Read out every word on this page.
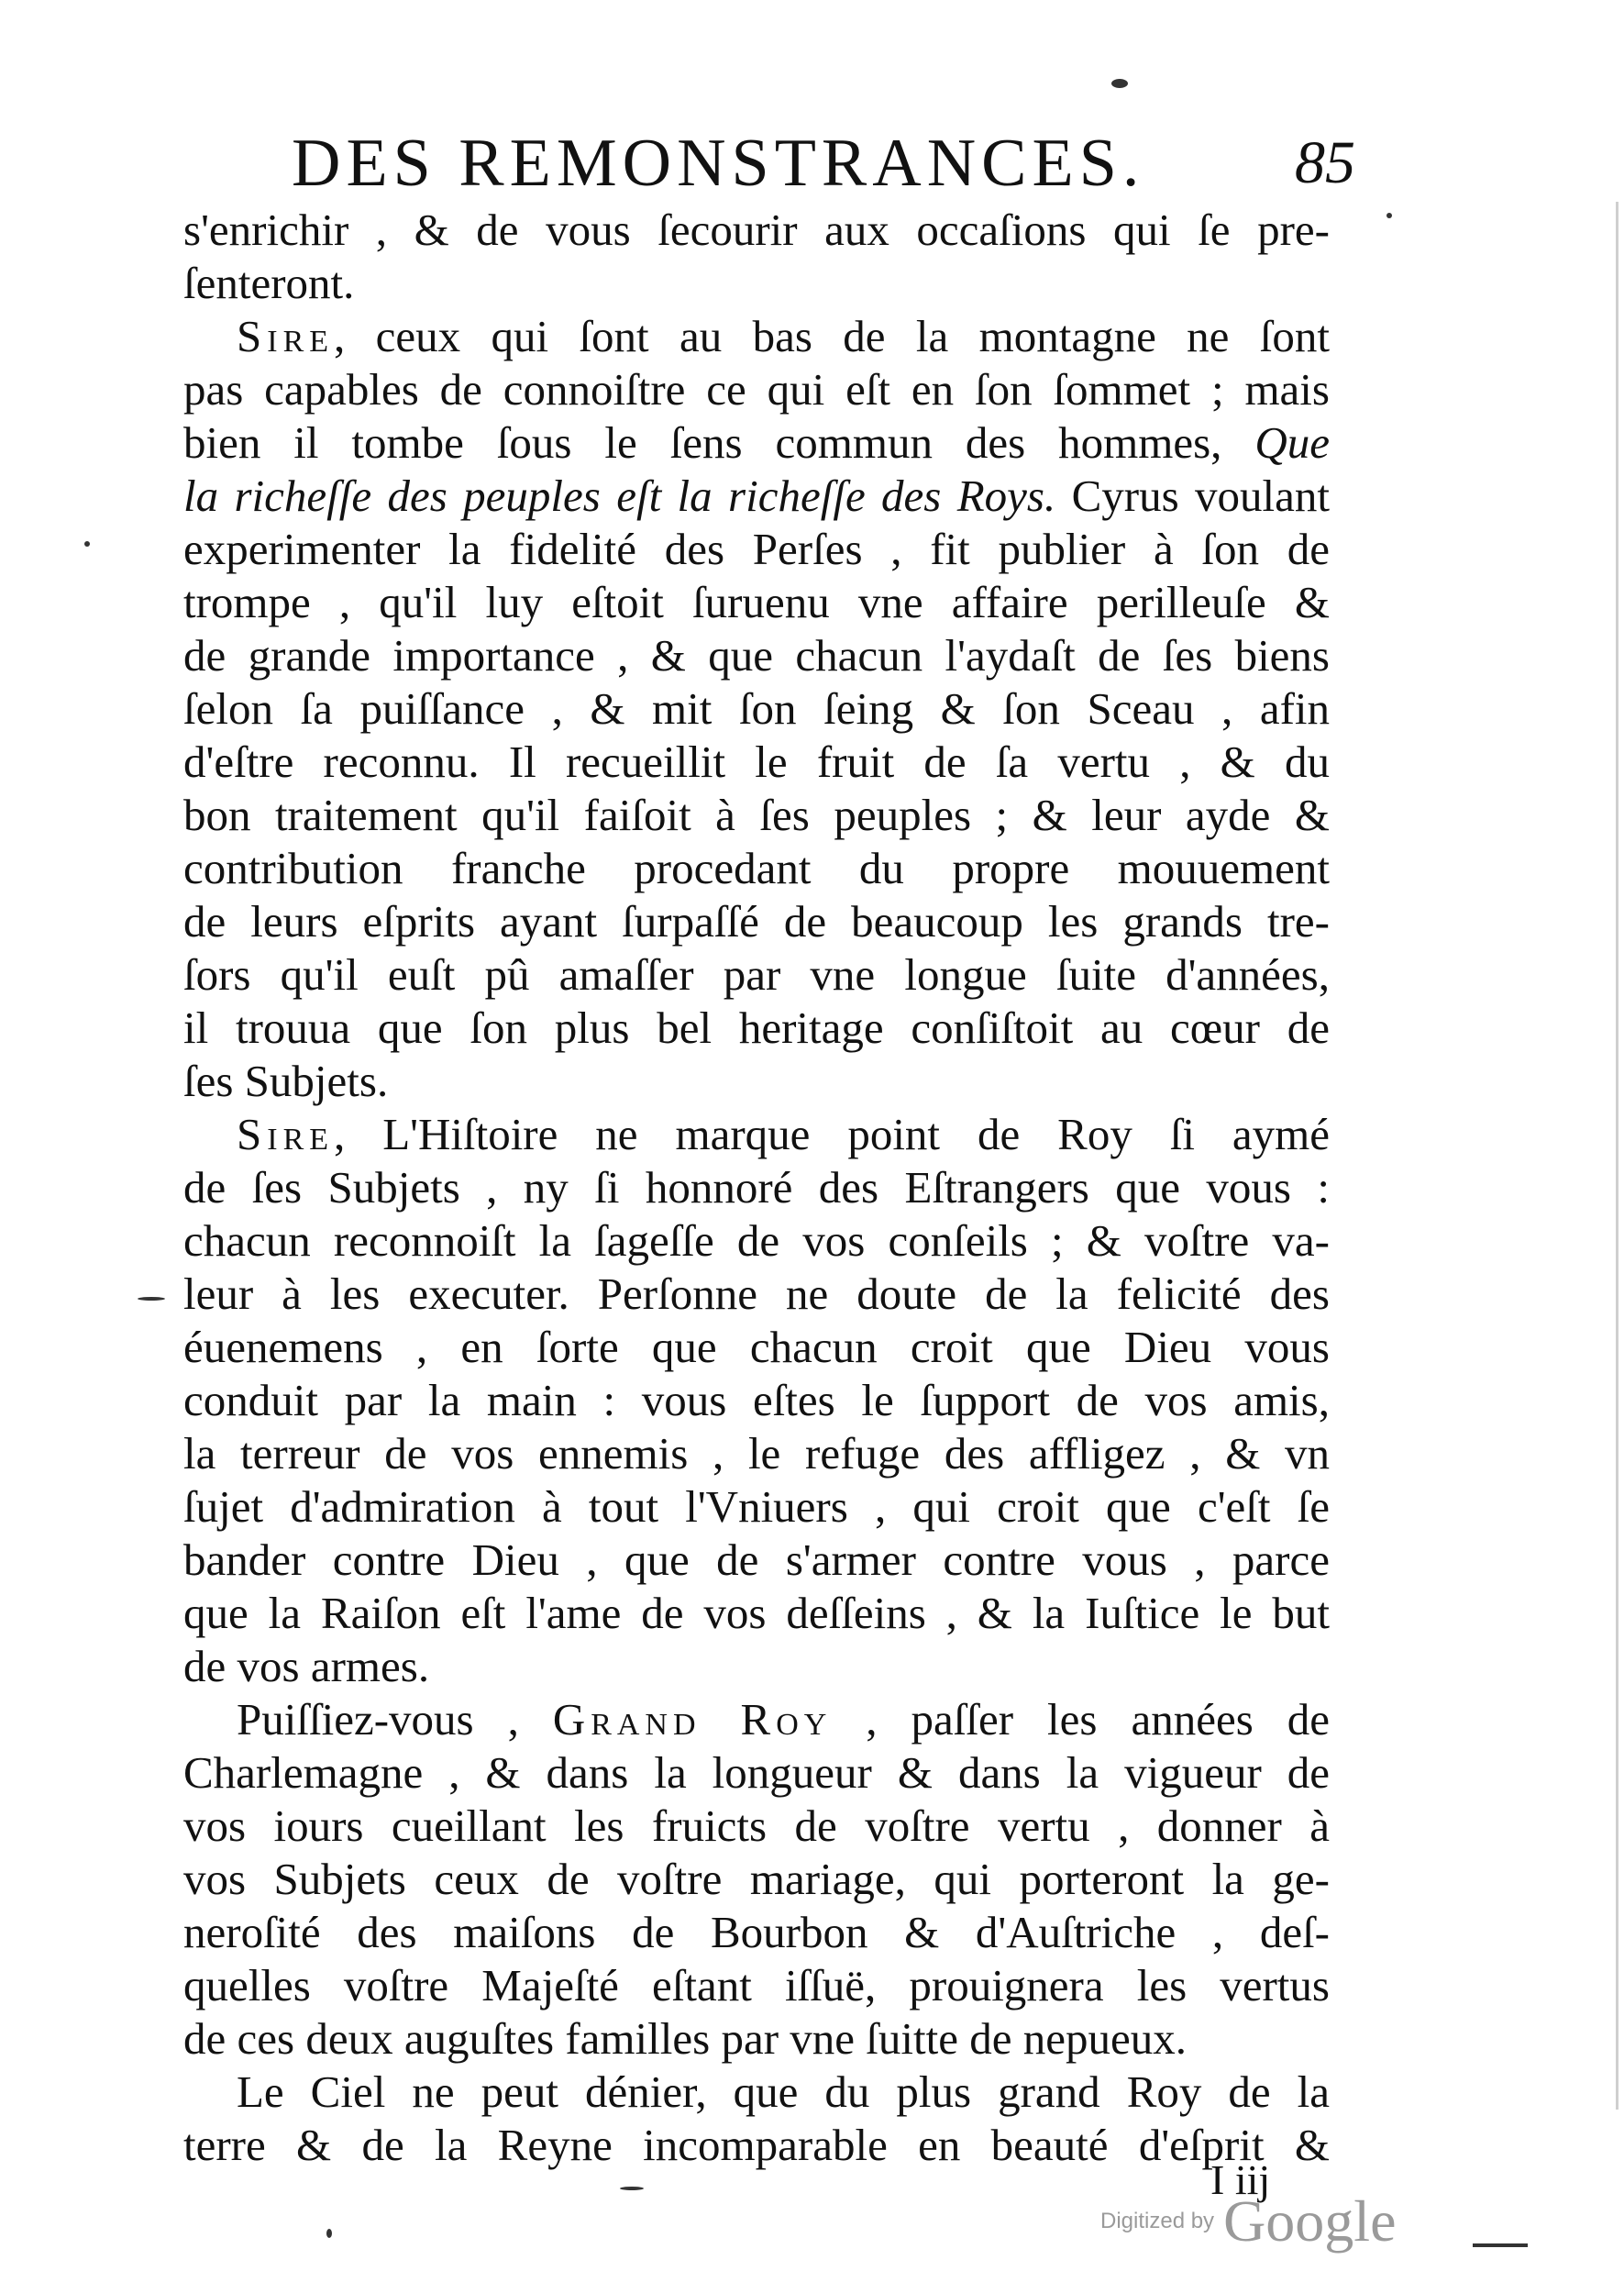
DES REMONSTRANCES. 85
s'enrichir , & de vous ſecourir aux occaſions qui ſe pre-
ſenteront.
Sire, ceux qui ſont au bas de la montagne ne ſont
pas capables de connoiſtre ce qui eſt en ſon ſommet ; mais
bien il tombe ſous le ſens commun des hommes, Que
la richeſſe des peuples eſt la richeſſe des Roys. Cyrus voulant
experimenter la fidelité des Perſes , fit publier à ſon de
trompe , qu'il luy eſtoit ſuruenu vne affaire perilleuſe &
de grande importance , & que chacun l'aydaſt de ſes biens
ſelon ſa puiſſance , & mit ſon ſeing & ſon Sceau , afin
d'eſtre reconnu. Il recueillit le fruit de ſa vertu , & du
bon traitement qu'il faiſoit à ſes peuples ; & leur ayde &
contribution franche procedant du propre mouuement
de leurs eſprits ayant ſurpaſſé de beaucoup les grands tre-
ſors qu'il euſt pû amaſſer par vne longue ſuite d'années,
il trouua que ſon plus bel heritage conſiſtoit au cœur de
ſes Subjets.
Sire, L'Hiſtoire ne marque point de Roy ſi aymé
de ſes Subjets , ny ſi honnoré des Eſtrangers que vous :
chacun reconnoiſt la ſageſſe de vos conſeils ; & voſtre va-
leur à les executer. Perſonne ne doute de la felicité des
éuenemens , en ſorte que chacun croit que Dieu vous
conduit par la main : vous eſtes le ſupport de vos amis,
la terreur de vos ennemis , le refuge des affligez , & vn
ſujet d'admiration à tout l'Vniuers , qui croit que c'eſt ſe
bander contre Dieu , que de s'armer contre vous , parce
que la Raiſon eſt l'ame de vos deſſeins , & la Iuſtice le but
de vos armes.
Puiſſiez-vous , Grand Roy , paſſer les années de
Charlemagne , & dans la longueur & dans la vigueur de
vos iours cueillant les fruicts de voſtre vertu , donner à
vos Subjets ceux de voſtre mariage, qui porteront la ge-
neroſité des maiſons de Bourbon & d'Auſtriche , deſ-
quelles voſtre Majeſté eſtant iſſuë, prouignera les vertus
de ces deux auguſtes familles par vne ſuitte de nepueux.
Le Ciel ne peut dénier, que du plus grand Roy de la
terre & de la Reyne incomparable en beauté d'eſprit &
I iij
Digitized by Google
